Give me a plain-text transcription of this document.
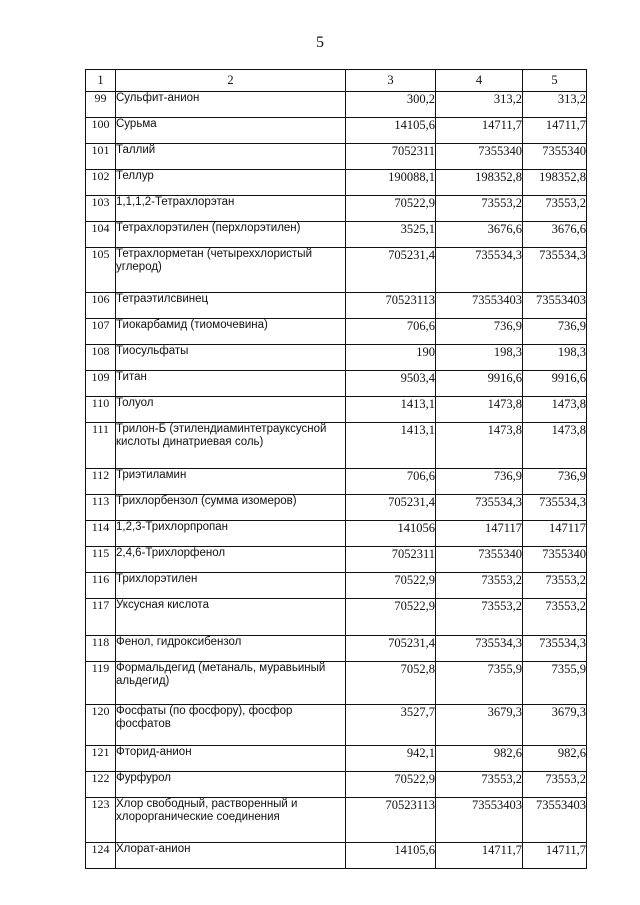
5
1	2	3	4	5
99	Сульфит-анион	300,2	313,2	313,2
100	Сурьма	14105,6	14711,7	14711,7
101	Таллий	7052311	7355340	7355340
102	Теллур	190088,1	198352,8	198352,8
103	1,1,1,2-Тетрахлорэтан	70522,9	73553,2	73553,2
104	Тетрахлорэтилен (перхлорэтилен)	3525,1	3676,6	3676,6
105	Тетрахлорметан (четыреххлористый углерод)	705231,4	735534,3	735534,3
106	Тетраэтилсвинец	70523113	73553403	73553403
107	Тиокарбамид (тиомочевина)	706,6	736,9	736,9
108	Тиосульфаты	190	198,3	198,3
109	Титан	9503,4	9916,6	9916,6
110	Толуол	1413,1	1473,8	1473,8
111	Трилон-Б (этилендиаминтетрауксусной кислоты динатриевая соль)	1413,1	1473,8	1473,8
112	Триэтиламин	706,6	736,9	736,9
113	Трихлорбензол (сумма изомеров)	705231,4	735534,3	735534,3
114	1,2,3-Трихлорпропан	141056	147117	147117
115	2,4,6-Трихлорфенол	7052311	7355340	7355340
116	Трихлорэтилен	70522,9	73553,2	73553,2
117	Уксусная кислота	70522,9	73553,2	73553,2
118	Фенол, гидроксибензол	705231,4	735534,3	735534,3
119	Формальдегид (метаналь, муравьиный альдегид)	7052,8	7355,9	7355,9
120	Фосфаты (по фосфору), фосфор фосфатов	3527,7	3679,3	3679,3
121	Фторид-анион	942,1	982,6	982,6
122	Фурфурол	70522,9	73553,2	73553,2
123	Хлор свободный, растворенный и хлорорганические соединения	70523113	73553403	73553403
124	Хлорат-анион	14105,6	14711,7	14711,7
